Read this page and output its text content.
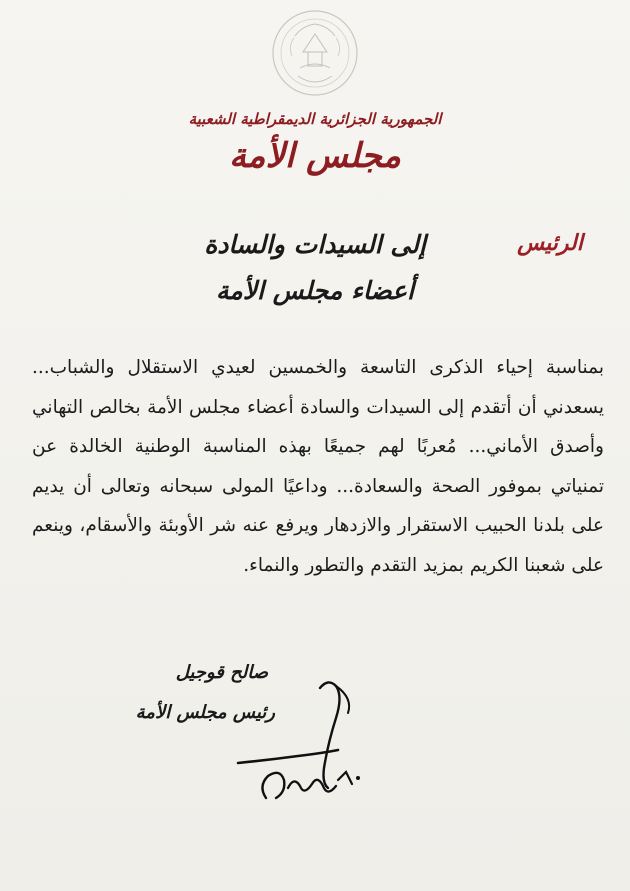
الجمهورية الجزائرية الديمقراطية الشعبية
مجلس الأمة
الرئيس
إلى السيدات والسادة
أعضاء مجلس الأمة

بمناسبة إحياء الذكرى التاسعة والخمسين لعيدي الاستقلال والشباب... يسعدني أن أتقدم إلى السيدات والسادة أعضاء مجلس الأمة بخالص التهاني وأصدق الأماني... مُعربًا لهم جميعًا بهذه المناسبة الوطنية الخالدة عن تمنياتي بموفور الصحة والسعادة... وداعيًا المولى سبحانه وتعالى أن يديم على بلدنا الحبيب الاستقرار والازدهار ويرفع عنه شر الأوبئة والأسقام، وينعم على شعبنا الكريم بمزيد التقدم والتطور والنماء.

صالح قوجيل
رئيس مجلس الأمة
